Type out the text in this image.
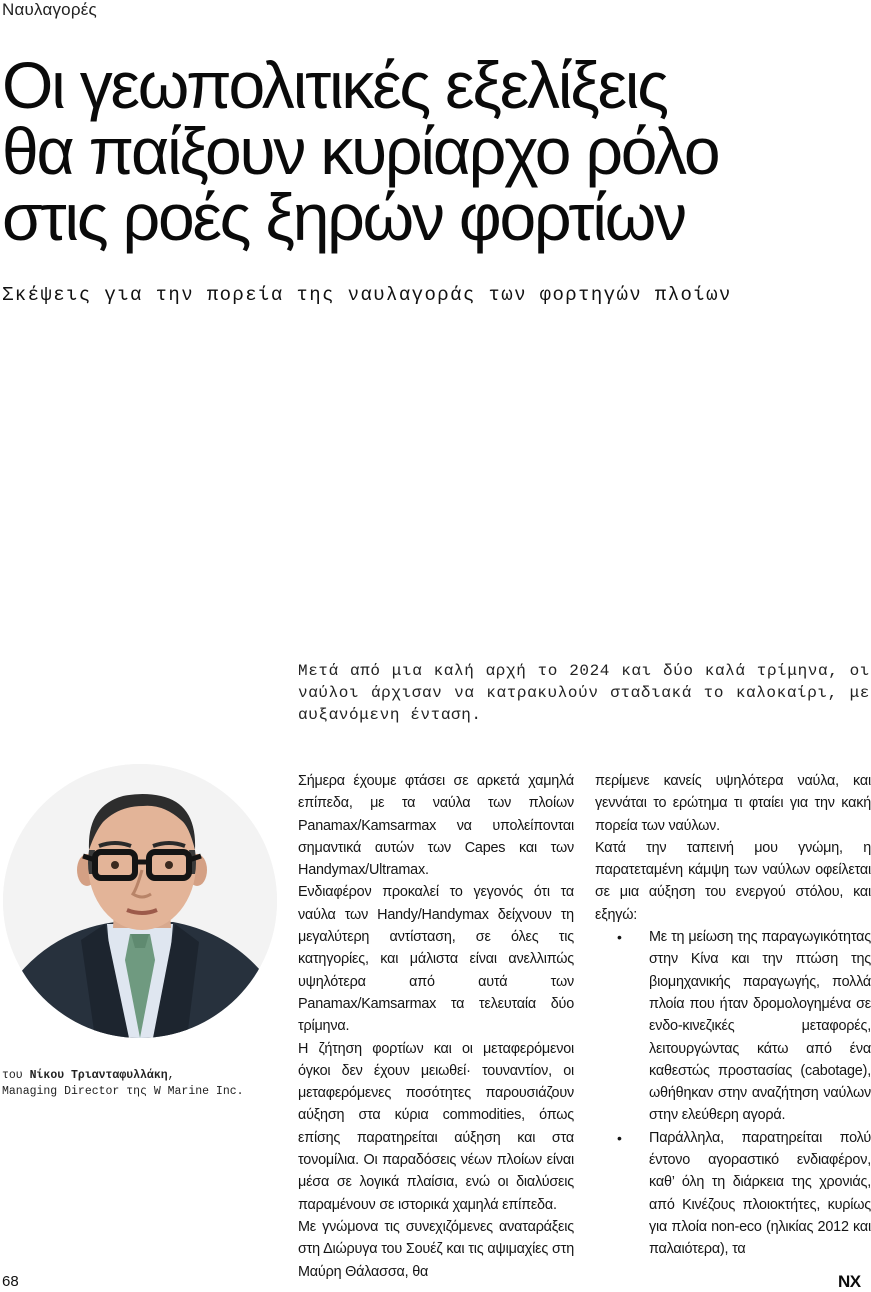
Ναυλαγορές
Οι γεωπολιτικές εξελίξεις
θα παίξουν κυρίαρχο ρόλο
στις ροές ξηρών φορτίων
Σκέψεις για την πορεία της ναυλαγοράς των φορτηγών πλοίων

Μετά από μια καλή αρχή το 2024 και δύο καλά τρίμηνα, οι ναύλοι άρχισαν να κατρακυλούν σταδιακά το καλοκαίρι, με αυξανόμενη ένταση.

του Νίκου Τριανταφυλλάκη,
Managing Director της W Marine Inc.

Σήμερα έχουμε φτάσει σε αρκετά χαμηλά επίπεδα, με τα ναύλα των πλοίων Panamax/Kamsarmax να υπολείπονται σημαντικά αυτών των Capes και των Handymax/Ultramax.

Ενδιαφέρον προκαλεί το γεγονός ότι τα ναύλα των Handy/Handymax δείχνουν τη μεγαλύτερη αντίσταση, σε όλες τις κατηγορίες, και μάλιστα είναι ανελλιπώς υψηλότερα από αυτά των Panamax/Kamsarmax τα τελευταία δύο τρίμηνα.

Η ζήτηση φορτίων και οι μεταφερόμενοι όγκοι δεν έχουν μειωθεί· τουναντίον, οι μεταφερόμενες ποσότητες παρουσιάζουν αύξηση στα κύρια commodities, όπως επίσης παρατηρείται αύξηση και στα τονομίλια. Οι παραδόσεις νέων πλοίων είναι μέσα σε λογικά πλαίσια, ενώ οι διαλύσεις παραμένουν σε ιστορικά χαμηλά επίπεδα.

Με γνώμονα τις συνεχιζόμενες αναταράξεις στη Διώρυγα του Σουέζ και τις αψιμαχίες στη Μαύρη Θάλασσα, θα

περίμενε κανείς υψηλότερα ναύλα, και γεννάται το ερώτημα τι φταίει για την κακή πορεία των ναύλων.

Κατά την ταπεινή μου γνώμη, η παρατεταμένη κάμψη των ναύλων οφείλεται σε μια αύξηση του ενεργού στόλου, και εξηγώ:

• Με τη μείωση της παραγωγικότητας στην Κίνα και την πτώση της βιομηχανικής παραγωγής, πολλά πλοία που ήταν δρομολογημένα σε ενδο-κινεζικές μεταφορές, λειτουργώντας κάτω από ένα καθεστώς προστασίας (cabotage), ωθήθηκαν στην αναζήτηση ναύλων στην ελεύθερη αγορά.
• Παράλληλα, παρατηρείται πολύ έντονο αγοραστικό ενδιαφέρον, καθ’ όλη τη διάρκεια της χρονιάς, από Κινέζους πλοιοκτήτες, κυρίως για πλοία non-eco (ηλικίας 2012 και παλαιότερα), τα
68	NX
